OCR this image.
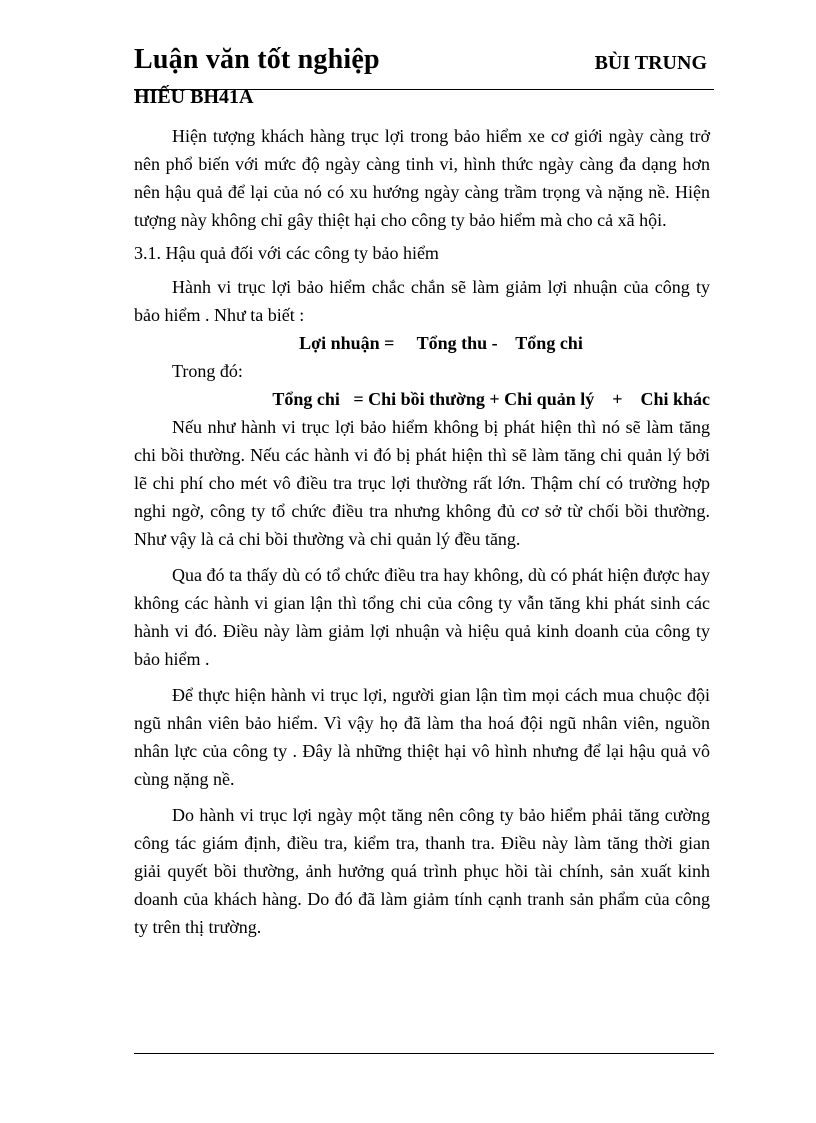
Luận văn tốt nghiệp	BÙI TRUNG
HIẾU BH41A

Hiện tượng khách hàng trục lợi trong bảo hiểm xe cơ giới ngày càng trở nên phổ biến với mức độ ngày càng tinh vi, hình thức ngày càng đa dạng hơn nên hậu quả để lại của nó có xu hướng ngày càng trầm trọng và nặng nề. Hiện tượng này không chỉ gây thiệt hại cho công ty bảo hiểm mà cho cả xã hội.

3.1. Hậu quả đối với các công ty bảo hiểm

Hành vi trục lợi bảo hiểm chắc chắn sẽ làm giảm lợi nhuận của công ty bảo hiểm . Như ta biết :

Lợi nhuận =     Tổng thu -    Tổng chi

Trong đó:

Tổng chi   = Chi bồi thường + Chi quản lý    +    Chi khác

Nếu như hành vi trục lợi bảo hiểm không bị phát hiện thì nó sẽ làm tăng chi bồi thường. Nếu các hành vi đó bị phát hiện thì sẽ làm tăng chi quản lý bởi lẽ chi phí cho mét vô điều tra trục lợi thường rất lớn. Thậm chí có trường hợp nghi ngờ, công ty tổ chức điều tra nhưng không đủ cơ sở từ chối bồi thường. Như vậy là cả chi bồi thường và chi quản lý đều tăng.

Qua đó ta thấy dù có tổ chức điều tra hay không, dù có phát hiện được hay không các hành vi gian lận thì tổng chi của công ty vẫn tăng khi phát sinh các hành vi đó. Điều này làm giảm lợi nhuận và hiệu quả kinh doanh của công ty bảo hiểm .

Để thực hiện hành vi trục lợi, người gian lận tìm mọi cách mua chuộc đội ngũ nhân viên bảo hiểm. Vì vậy họ đã làm tha hoá đội ngũ nhân viên, nguồn nhân lực của công ty . Đây là những thiệt hại vô hình nhưng để lại hậu quả vô cùng nặng nề.

Do hành vi trục lợi ngày một tăng nên công ty bảo hiểm phải tăng cường công tác giám định, điều tra, kiểm tra, thanh tra. Điều này làm tăng thời gian giải quyết bồi thường, ảnh hưởng quá trình phục hồi tài chính, sản xuất kinh doanh của khách hàng. Do đó đã làm giảm tính cạnh tranh sản phẩm của công ty trên thị trường.
